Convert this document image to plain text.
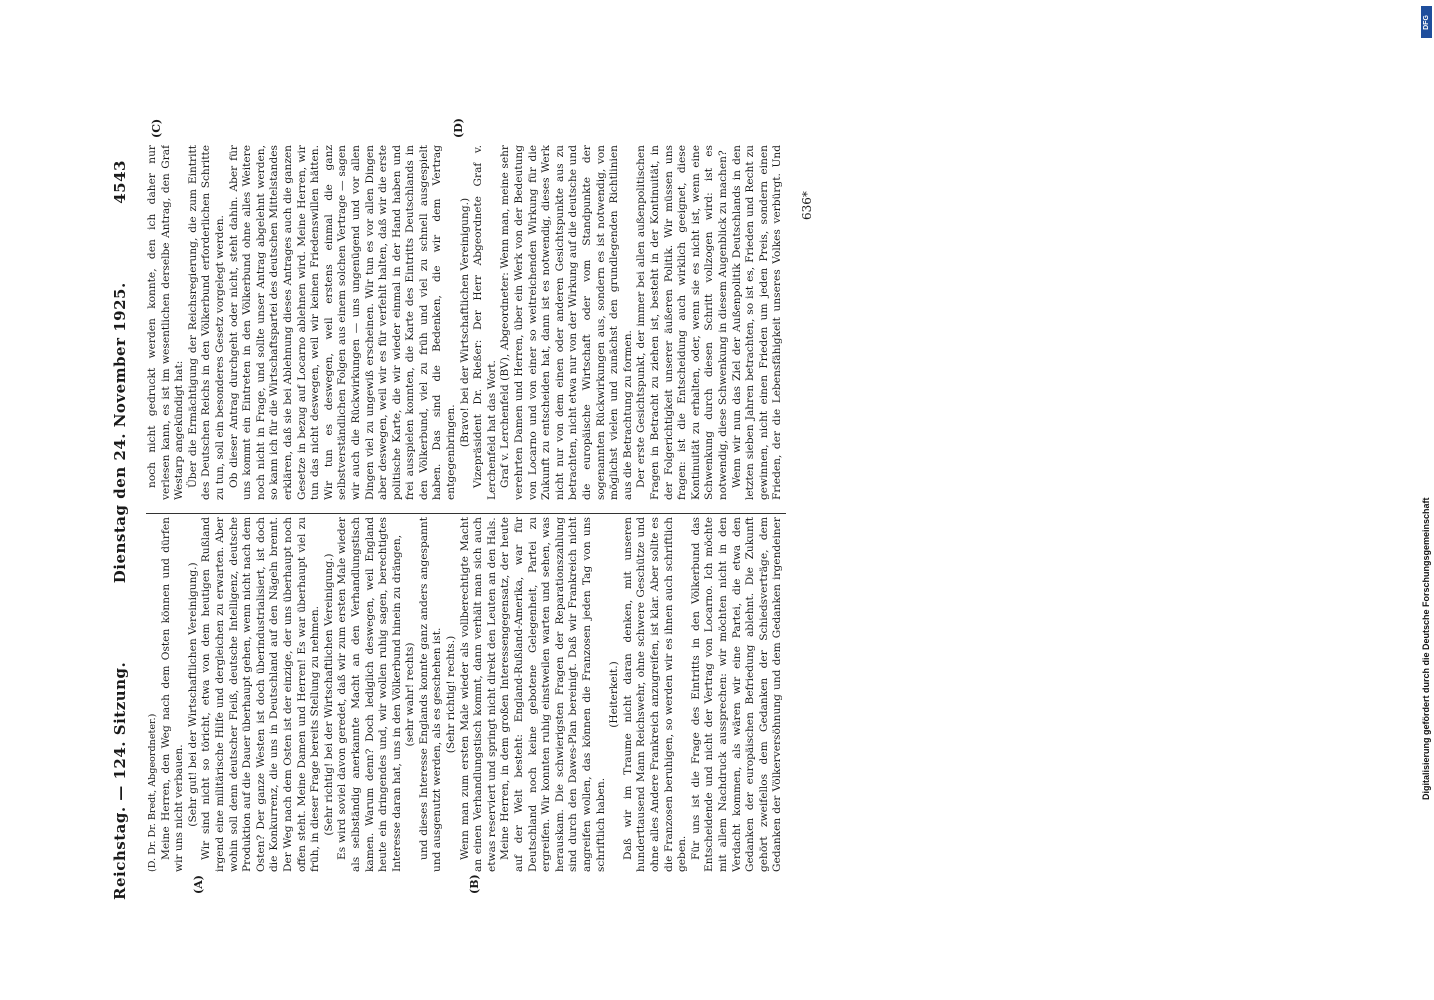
Reichstag. — 124. Sitzung.
Dienstag den 24. November 1925.
4543
(A)	(B)
(C)	(D)

(D. Dr. Dr. Bredt, Abgeordneter.) Meine Herren, den Weg nach dem Osten können und dürfen wir uns nicht verbauen. (Sehr gut! bei der Wirtschaftlichen Vereinigung.) Wir sind nicht so töricht, etwa von dem heutigen Rußland irgend eine militärische Hilfe und dergleichen zu erwarten. Aber wohin soll denn deutscher Fleiß, deutsche Intelligenz, deutsche Produktion auf die Dauer überhaupt gehen, wenn nicht nach dem Osten? Der ganze Westen ist doch überindustrialisiert, ist doch die Konkurrenz, die uns in Deutschland auf den Nägeln brennt. Der Weg nach dem Osten ist der einzige, der uns überhaupt noch offen steht. Meine Damen und Herren! Es war überhaupt viel zu früh, in dieser Frage bereits Stellung zu nehmen. (Sehr richtig! bei der Wirtschaftlichen Vereinigung.) Es wird soviel davon geredet, daß wir zum ersten Male wieder als selbständig anerkannte Macht an den Verhandlungstisch kamen. Warum denn? Doch lediglich deswegen, weil England heute ein dringendes und, wir wollen ruhig sagen, berechtigtes Interesse daran hat, uns in den Völkerbund hinein zu drängen, (sehr wahr! rechts) und dieses Interesse Englands konnte ganz anders angespannt und ausgenutzt werden, als es geschehen ist. (Sehr richtig! rechts.) Wenn man zum ersten Male wieder als vollberechtigte Macht an einen Verhandlungstisch kommt, dann verhält man sich auch etwas reserviert und springt nicht direkt den Leuten an den Hals. Meine Herren, in dem großen Interessengegensatz, der heute auf der Welt besteht: England-Rußland-Amerika, war für Deutschland noch keine gebotene Gelegenheit, Partei zu ergreifen. Wir konnten ruhig einstweilen warten und sehen, was herauskam. Die schwierigsten Fragen der Reparationszahlung sind durch den Dawes-Plan bereinigt. Daß wir Frankreich nicht angreifen wollen, das können die Franzosen jeden Tag von uns schriftlich haben.

(Heiterkeit.) Daß wir im Traume nicht daran denken, mit unseren hunderttausend Mann Reichswehr, ohne schwere Geschütze und ohne alles Andere Frankreich anzugreifen, ist klar. Aber sollte es die Franzosen beruhigen, so werden wir es ihnen auch schriftlich geben. Für uns ist die Frage des Eintritts in den Völkerbund das Entscheidende und nicht der Vertrag von Locarno. Ich möchte mit allem Nachdruck aussprechen: wir möchten nicht in den Verdacht kommen, als wären wir eine Partei, die etwa den Gedanken der europäischen Befriedung ablehnt. Die Zukunft gehört zweifellos dem Gedanken der Schiedsverträge, dem Gedanken der Völkerversöhnung und dem Gedanken irgendeiner

noch nicht gedruckt werden konnte, den ich daher nur verlesen kann, es ist im wesentlichen derselbe Antrag, den Graf Westarp angekündigt hat: Über die Ermächtigung der Reichsregierung, die zum Eintritt des Deutschen Reichs in den Völkerbund erforderlichen Schritte zu tun, soll ein besonderes Gesetz vorgelegt werden. Ob dieser Antrag durchgeht oder nicht, steht dahin. Aber für uns kommt ein Eintreten in den Völkerbund ohne alles Weitere noch nicht in Frage, und sollte unser Antrag abgelehnt werden, so kann ich für die Wirtschaftspartei des deutschen Mittelstandes erklären, daß sie bei Ablehnung dieses Antrages auch die ganzen Gesetze in bezug auf Locarno ablehnen wird. Meine Herren, wir tun das nicht deswegen, weil wir keinen Friedenswillen hätten. Wir tun es deswegen, weil erstens einmal die ganz selbstverständlichen Folgen aus einem solchen Vertrage — sagen wir auch die Rückwirkungen — uns ungenügend und vor allen Dingen viel zu ungewiß erscheinen. Wir tun es vor allen Dingen aber deswegen, weil wir es für verfehlt halten, daß wir die erste politische Karte, die wir wieder einmal in der Hand haben und frei ausspielen konnten, die Karte des Eintritts Deutschlands in den Völkerbund, viel zu früh und viel zu schnell ausgespielt haben. Das sind die Bedenken, die wir dem Vertrag entgegenbringen.

(Bravo! bei der Wirtschaftlichen Vereinigung.) Vizepräsident Dr. Rießer: Der Herr Abgeordnete Graf v. Lerchenfeld hat das Wort. Graf v. Lerchenfeld (BV), Abgeordneter: Wenn man, meine sehr verehrten Damen und Herren, über ein Werk von der Bedeutung von Locarno und von einer so weitreichenden Wirkung für die Zukunft zu entscheiden hat, dann ist es notwendig, dieses Werk nicht nur von dem einen oder anderen Gesichtspunkte aus zu betrachten, nicht etwa nur von der Wirkung auf die deutsche und die europäische Wirtschaft oder vom Standpunkte der sogenannten Rückwirkungen aus, sondern es ist notwendig, von möglichst vielen und zunächst den grundlegenden Richtlinien aus die Betrachtung zu formen. Der erste Gesichtspunkt, der immer bei allen außenpolitischen Fragen in Betracht zu ziehen ist, besteht in der Kontinuität, in der Folgerichtigkeit unserer äußeren Politik. Wir müssen uns fragen: ist die Entscheidung auch wirklich geeignet, diese Kontinuität zu erhalten, oder, wenn sie es nicht ist, wenn eine Schwenkung durch diesen Schritt vollzogen wird: ist es notwendig, diese Schwenkung in diesem Augenblick zu machen? Wenn wir nun das Ziel der Außenpolitik Deutschlands in den letzten sieben Jahren betrachten, so ist es, Frieden und Recht zu gewinnen, nicht einen Frieden um jeden Preis, sondern einen Frieden, der die Lebensfähigkeit unseres Volkes verbürgt. Und

636*
DFG
Digitalisierung gefördert durch die Deutsche Forschungsgemeinschaft
